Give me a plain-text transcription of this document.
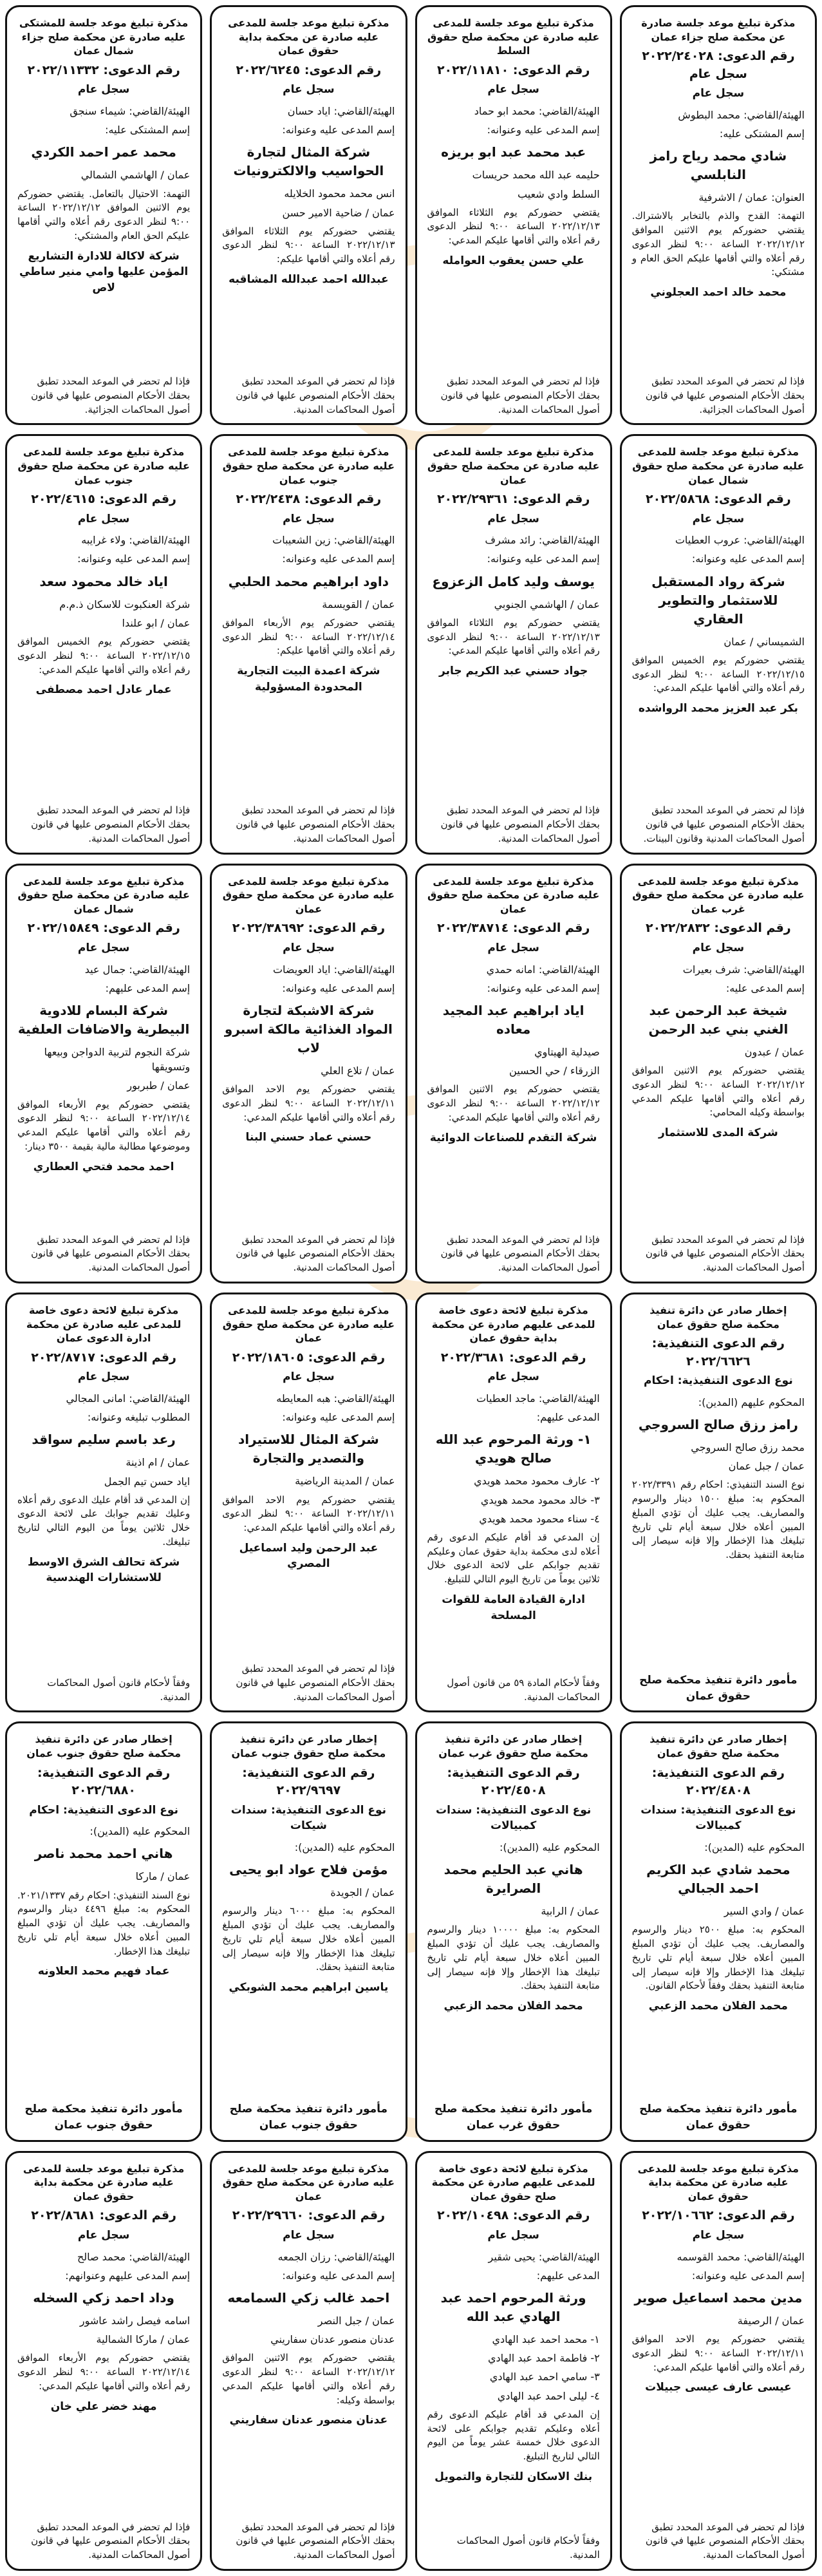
مذكرة تبليغ موعد جلسة صادرة عن محكمة صلح جزاء عمان
رقم الدعوى: ٢٠٢٢/٢٤٠٢٨ سجل عام
سجل عام
الهيئة/القاضي: محمد البطوش
إسم المشتكى عليه:
شادي محمد رياح رامز النابلسي
العنوان: عمان / الاشرفية
التهمة: القدح والذم بالتخابر بالاشتراك. يقتضي حضوركم يوم الاثنين الموافق ٢٠٢٢/١٢/١٢ الساعة ٩:٠٠ لنظر الدعوى رقم أعلاه والتي أقامها عليكم الحق العام و مشتكي:
محمد خالد احمد العجلوني
فإذا لم تحضر في الموعد المحدد تطبق بحقك الأحكام المنصوص عليها في قانون أصول المحاكمات الجزائية.
مذكرة تبليغ موعد جلسة للمدعى عليه صادرة عن محكمة صلح حقوق السلط
رقم الدعوى: ٢٠٢٢/١١٨١٠
سجل عام
الهيئة/القاضي: محمد ابو حماد
إسم المدعى عليه وعنوانه:
عبد محمد عبد ابو بريزه
حليمه عبد الله محمد حريسات
السلط وادي شعيب
يقتضي حضوركم يوم الثلاثاء الموافق ٢٠٢٢/١٢/١٣ الساعة ٩:٠٠ لنظر الدعوى رقم أعلاه والتي أقامها عليكم المدعي:
علي حسن يعقوب العوامله
فإذا لم تحضر في الموعد المحدد تطبق بحقك الأحكام المنصوص عليها في قانون أصول المحاكمات المدنية.
مذكرة تبليغ موعد جلسة للمدعى عليه صادرة عن محكمة بداية حقوق عمان
رقم الدعوى: ٢٠٢٢/٦٢٤٥
سجل عام
الهيئة/القاضي: اياد حسان
إسم المدعى عليه وعنوانه:
شركة المثال لتجارة الحواسيب والالكترونيات
انس محمد محمود الخلايله
عمان / ضاحية الامير حسن
يقتضي حضوركم يوم الثلاثاء الموافق ٢٠٢٢/١٢/١٣ الساعة ٩:٠٠ لنظر الدعوى رقم أعلاه والتي أقامها عليكم:
عبدالله احمد عبدالله المشاقبه
فإذا لم تحضر في الموعد المحدد تطبق بحقك الأحكام المنصوص عليها في قانون أصول المحاكمات المدنية.
مذكرة تبليغ موعد جلسة للمشتكى عليه صادرة عن محكمة صلح جزاء شمال عمان
رقم الدعوى: ٢٠٢٢/١١٣٣٢
سجل عام
الهيئة/القاضي: شيماء سنجق
إسم المشتكى عليه:
محمد عمر احمد الكردي
عمان / الهاشمي الشمالي
التهمة: الاحتيال بالتعامل. يقتضي حضوركم يوم الاثنين الموافق ٢٠٢٢/١٢/١٢ الساعة ٩:٠٠ لنظر الدعوى رقم أعلاه والتي أقامها عليكم الحق العام والمشتكي:
شركة لاكالة للادارة التشاريع المؤمن عليها وامي منير ساطي لاص
فإذا لم تحضر في الموعد المحدد تطبق بحقك الأحكام المنصوص عليها في قانون أصول المحاكمات الجزائية.
مذكرة تبليغ موعد جلسة للمدعى عليه صادرة عن محكمة صلح حقوق شمال عمان
رقم الدعوى: ٢٠٢٢/٥٨٦٨
سجل عام
الهيئة/القاضي: عروب العطيات
إسم المدعى عليه وعنوانه:
شركة رواد المستقبل للاستثمار والتطوير العقاري
الشميساني / عمان
يقتضي حضوركم يوم الخميس الموافق ٢٠٢٢/١٢/١٥ الساعة ٩:٠٠ لنظر الدعوى رقم أعلاه والتي أقامها عليكم المدعي:
بكر عبد العزيز محمد الرواشده
فإذا لم تحضر في الموعد المحدد تطبق بحقك الأحكام المنصوص عليها في قانون أصول المحاكمات المدنية وقانون البينات.
مذكرة تبليغ موعد جلسة للمدعى عليه صادرة عن محكمة صلح حقوق عمان
رقم الدعوى: ٢٠٢٢/٢٩٣٦١
سجل عام
الهيئة/القاضي: رائد مشرف
إسم المدعى عليه وعنوانه:
يوسف وليد كامل الزعزوع
عمان / الهاشمي الجنوبي
يقتضي حضوركم يوم الثلاثاء الموافق ٢٠٢٢/١٢/١٣ الساعة ٩:٠٠ لنظر الدعوى رقم أعلاه والتي أقامها عليكم المدعي:
جواد حسني عبد الكريم جابر
فإذا لم تحضر في الموعد المحدد تطبق بحقك الأحكام المنصوص عليها في قانون أصول المحاكمات المدنية.
مذكرة تبليغ موعد جلسة للمدعى عليه صادرة عن محكمة صلح حقوق جنوب عمان
رقم الدعوى: ٢٠٢٢/٢٤٣٨
سجل عام
الهيئة/القاضي: زين الشعيبات
إسم المدعى عليه وعنوانه:
داود ابراهيم محمد الحلبي
عمان / القويسمة
يقتضي حضوركم يوم الأربعاء الموافق ٢٠٢٢/١٢/١٤ الساعة ٩:٠٠ لنظر الدعوى رقم أعلاه والتي أقامها عليكم:
شركة اعمدة البيت التجارية المحدودة المسؤولية
فإذا لم تحضر في الموعد المحدد تطبق بحقك الأحكام المنصوص عليها في قانون أصول المحاكمات المدنية.
مذكرة تبليغ موعد جلسة للمدعى عليه صادرة عن محكمة صلح حقوق جنوب عمان
رقم الدعوى: ٢٠٢٢/٤٦١٥
سجل عام
الهيئة/القاضي: ولاء غرايبه
إسم المدعى عليه وعنوانه:
اياد خالد محمود سعد
شركة العنكبوت للاسكان ذ.م.م
عمان / ابو علندا
يقتضي حضوركم يوم الخميس الموافق ٢٠٢٢/١٢/١٥ الساعة ٩:٠٠ لنظر الدعوى رقم أعلاه والتي أقامها عليكم المدعي:
عمار عادل احمد مصطفى
فإذا لم تحضر في الموعد المحدد تطبق بحقك الأحكام المنصوص عليها في قانون أصول المحاكمات المدنية.
مذكرة تبليغ موعد جلسة للمدعى عليه صادرة عن محكمة صلح حقوق غرب عمان
رقم الدعوى: ٢٠٢٢/٢٨٣٢
سجل عام
الهيئة/القاضي: شرف بعيرات
إسم المدعى عليه:
شيخة عبد الرحمن عبد الغني بني عبد الرحمن
عمان / عبدون
يقتضي حضوركم يوم الاثنين الموافق ٢٠٢٢/١٢/١٢ الساعة ٩:٠٠ لنظر الدعوى رقم أعلاه والتي أقامها عليكم المدعي بواسطة وكيله المحامي:
شركة المدى للاستثمار
فإذا لم تحضر في الموعد المحدد تطبق بحقك الأحكام المنصوص عليها في قانون أصول المحاكمات المدنية.
مذكرة تبليغ موعد جلسة للمدعى عليه صادرة عن محكمة صلح حقوق عمان
رقم الدعوى: ٢٠٢٢/٣٨٧١٤
سجل عام
الهيئة/القاضي: امانه حمدي
إسم المدعى عليه وعنوانه:
اياد ابراهيم عبد المجيد معاده
صيدلية الهيتاوي
الزرقاء / حي الحسين
يقتضي حضوركم يوم الاثنين الموافق ٢٠٢٢/١٢/١٢ الساعة ٩:٠٠ لنظر الدعوى رقم أعلاه والتي أقامها عليكم المدعي:
شركة التقدم للصناعات الدوائية
فإذا لم تحضر في الموعد المحدد تطبق بحقك الأحكام المنصوص عليها في قانون أصول المحاكمات المدنية.
مذكرة تبليغ موعد جلسة للمدعى عليه صادرة عن محكمة صلح حقوق عمان
رقم الدعوى: ٢٠٢٢/٣٨٦٩٢
سجل عام
الهيئة/القاضي: اياد العويضات
إسم المدعى عليه وعنوانه:
شركة الاشبكة لتجارة المواد الغذائية مالكة اسبرو لاب
عمان / تلاع العلي
يقتضي حضوركم يوم الاحد الموافق ٢٠٢٢/١٢/١١ الساعة ٩:٠٠ لنظر الدعوى رقم أعلاه والتي أقامها عليكم المدعي:
حسني عماد حسني البنا
فإذا لم تحضر في الموعد المحدد تطبق بحقك الأحكام المنصوص عليها في قانون أصول المحاكمات المدنية.
مذكرة تبليغ موعد جلسة للمدعى عليه صادرة عن محكمة صلح حقوق شمال عمان
رقم الدعوى: ٢٠٢٢/١٥٨٤٩
سجل عام
الهيئة/القاضي: جمال عيد
إسم المدعى عليهم:
شركة البسام للادوية البيطرية والاضافات العلفية
شركة النجوم لتربية الدواجن وبيعها وتسويقها
عمان / طبربور
يقتضي حضوركم يوم الأربعاء الموافق ٢٠٢٢/١٢/١٤ الساعة ٩:٠٠ لنظر الدعوى رقم أعلاه والتي أقامها عليكم المدعي وموضوعها مطالبة مالية بقيمة ٣٥٠٠ دينار:
احمد محمد فتحي العطاري
فإذا لم تحضر في الموعد المحدد تطبق بحقك الأحكام المنصوص عليها في قانون أصول المحاكمات المدنية.
إخطار صادر عن دائرة تنفيذ محكمة صلح حقوق عمان
رقم الدعوى التنفيذية: ٢٠٢٢/٦٦٢٦
نوع الدعوى التنفيذية: احكام
المحكوم عليهم (المدين):
رامز رزق صالح السروجي
محمد رزق صالح السروجي
عمان / جبل عمان
نوع السند التنفيذي: احكام رقم ٢٠٢٢/٣٣٩١ المحكوم به: مبلغ ١٥٠٠ دينار والرسوم والمصاريف. يجب عليك أن تؤدي المبلغ المبين أعلاه خلال سبعة أيام تلي تاريخ تبليغك هذا الإخطار وإلا فإنه سيصار إلى متابعة التنفيذ بحقك.
مأمور دائرة تنفيذ محكمة صلح حقوق عمان
مذكرة تبليغ لائحة دعوى خاصة للمدعى عليهم صادرة عن محكمة بداية حقوق عمان
رقم الدعوى: ٢٠٢٢/٣٦٨١
سجل عام
الهيئة/القاضي: ماجد العطيات
المدعى عليهم:
١- ورثة المرحوم عبد الله صالح هويدي
٢- عارف محمود محمد هويدي
٣- خالد محمود محمد هويدي
٤- سناء محمود محمد هويدي
إن المدعي قد أقام عليكم الدعوى رقم أعلاه لدى محكمة بداية حقوق عمان وعليكم تقديم جوابكم على لائحة الدعوى خلال ثلاثين يوماً من تاريخ اليوم التالي للتبليغ.
ادارة القيادة العامة للقوات المسلحة
وفقاً لأحكام المادة ٥٩ من قانون أصول المحاكمات المدنية.
مذكرة تبليغ موعد جلسة للمدعى عليه صادرة عن محكمة صلح حقوق عمان
رقم الدعوى: ٢٠٢٢/١٨٦٠٥
سجل عام
الهيئة/القاضي: هبه المعايطه
إسم المدعى عليه وعنوانه:
شركة المثال للاستيراد والتصدير والتجارة
عمان / المدينة الرياضية
يقتضي حضوركم يوم الاحد الموافق ٢٠٢٢/١٢/١١ الساعة ٩:٠٠ لنظر الدعوى رقم أعلاه والتي أقامها عليكم المدعي:
عبد الرحمن وليد اسماعيل المصري
فإذا لم تحضر في الموعد المحدد تطبق بحقك الأحكام المنصوص عليها في قانون أصول المحاكمات المدنية.
مذكرة تبليغ لائحة دعوى خاصة للمدعى عليه صادرة عن محكمة ادارة الدعوى عمان
رقم الدعوى: ٢٠٢٢/٨٧١٧
سجل عام
الهيئة/القاضي: امانى المجالي
المطلوب تبليغه وعنوانه:
رعد باسم سليم سواقد
عمان / ام اذينة
اياد حسن تيم الجمل
إن المدعي قد أقام عليك الدعوى رقم أعلاه وعليك تقديم جوابك على لائحة الدعوى خلال ثلاثين يوماً من اليوم التالي لتاريخ تبليغك.
شركة تحالف الشرق الاوسط للاستشارات الهندسية
وفقاً لأحكام قانون أصول المحاكمات المدنية.
إخطار صادر عن دائرة تنفيذ محكمة صلح حقوق عمان
رقم الدعوى التنفيذية: ٢٠٢٢/٤٨٠٨
نوع الدعوى التنفيذية: سندات كمبيالات
المحكوم عليه (المدين):
محمد شادي عبد الكريم احمد الجبالي
عمان / وادي السير
المحكوم به: مبلغ ٢٥٠٠ دينار والرسوم والمصاريف. يجب عليك أن تؤدي المبلغ المبين أعلاه خلال سبعة أيام تلي تاريخ تبليغك هذا الإخطار وإلا فإنه سيصار إلى متابعة التنفيذ بحقك وفقاً لأحكام القانون.
محمد الفلان محمد الزعبي
مأمور دائرة تنفيذ محكمة صلح حقوق عمان
إخطار صادر عن دائرة تنفيذ محكمة صلح حقوق غرب عمان
رقم الدعوى التنفيذية: ٢٠٢٢/٤٥٠٨
نوع الدعوى التنفيذية: سندات كمبيالات
المحكوم عليه (المدين):
هاني عبد الحليم محمد الصرايرة
عمان / الرابية
المحكوم به: مبلغ ١٠٠٠٠ دينار والرسوم والمصاريف. يجب عليك أن تؤدي المبلغ المبين أعلاه خلال سبعة أيام تلي تاريخ تبليغك هذا الإخطار وإلا فإنه سيصار إلى متابعة التنفيذ بحقك.
محمد الفلان محمد الزعبي
مأمور دائرة تنفيذ محكمة صلح حقوق غرب عمان
إخطار صادر عن دائرة تنفيذ محكمة صلح حقوق جنوب عمان
رقم الدعوى التنفيذية: ٢٠٢٢/٩٦٩٧
نوع الدعوى التنفيذية: سندات شيكات
المحكوم عليه (المدين):
مؤمن فلاح عواد ابو يحيى
عمان / الجويدة
المحكوم به: مبلغ ٦٠٠٠ دينار والرسوم والمصاريف. يجب عليك أن تؤدي المبلغ المبين أعلاه خلال سبعة أيام تلي تاريخ تبليغك هذا الإخطار وإلا فإنه سيصار إلى متابعة التنفيذ بحقك.
ياسين ابراهيم محمد الشوبكي
مأمور دائرة تنفيذ محكمة صلح حقوق جنوب عمان
إخطار صادر عن دائرة تنفيذ محكمة صلح حقوق جنوب عمان
رقم الدعوى التنفيذية: ٢٠٢٢/٦٨٨٠
نوع الدعوى التنفيذية: احكام
المحكوم عليه (المدين):
هاني احمد محمد ناصر
عمان / ماركا
نوع السند التنفيذي: احكام رقم ٢٠٢١/١٣٣٧. المحكوم به: مبلغ ٤٤٩٦ دينار والرسوم والمصاريف. يجب عليك أن تؤدي المبلغ المبين أعلاه خلال سبعة أيام تلي تاريخ تبليغك هذا الإخطار.
عماد فهيم محمد العلاونه
مأمور دائرة تنفيذ محكمة صلح حقوق جنوب عمان
مذكرة تبليغ موعد جلسة للمدعى عليه صادرة عن محكمة بداية حقوق عمان
رقم الدعوى: ٢٠٢٢/١٠٦٦٢
سجل عام
الهيئة/القاضي: محمد القوسمه
إسم المدعى عليه وعنوانه:
مدين محمد اسماعيل صوير
عمان / الرصيفة
يقتضي حضوركم يوم الاحد الموافق ٢٠٢٢/١٢/١١ الساعة ٩:٠٠ لنظر الدعوى رقم أعلاه والتي أقامها عليكم المدعي:
عيسى عارف عيسى جبيلات
فإذا لم تحضر في الموعد المحدد تطبق بحقك الأحكام المنصوص عليها في قانون أصول المحاكمات المدنية.
مذكرة تبليغ لائحة دعوى خاصة للمدعى عليهم صادرة عن محكمة صلح حقوق عمان
رقم الدعوى: ٢٠٢٢/١٠٤٩٨
سجل عام
الهيئة/القاضي: يحيى شقير
المدعى عليهم:
ورثة المرحوم احمد عبد الهادي عبد الله
١- محمد احمد عبد الهادي
٢- فاطمة احمد عبد الهادي
٣- سامي احمد عبد الهادي
٤- ليلى احمد عبد الهادي
إن المدعي قد أقام عليكم الدعوى رقم أعلاه وعليكم تقديم جوابكم على لائحة الدعوى خلال خمسة عشر يوماً من اليوم التالي لتاريخ التبليغ.
بنك الاسكان للتجارة والتمويل
وفقاً لأحكام قانون أصول المحاكمات المدنية.
مذكرة تبليغ موعد جلسة للمدعى عليه صادرة عن محكمة صلح حقوق عمان
رقم الدعوى: ٢٠٢٢/٢٩٦٦٠
سجل عام
الهيئة/القاضي: رزان الجمعه
إسم المدعى عليه وعنوانه:
احمد غالب زكي السمامعه
عمان / جبل النصر
عدنان منصور عدنان سفاريني
يقتضي حضوركم يوم الاثنين الموافق ٢٠٢٢/١٢/١٢ الساعة ٩:٠٠ لنظر الدعوى رقم أعلاه والتي أقامها عليكم المدعي بواسطة وكيله:
عدنان منصور عدنان سفاريني
فإذا لم تحضر في الموعد المحدد تطبق بحقك الأحكام المنصوص عليها في قانون أصول المحاكمات المدنية.
مذكرة تبليغ موعد جلسة للمدعى عليه صادرة عن محكمة بداية حقوق عمان
رقم الدعوى: ٢٠٢٢/٨٦٨١
سجل عام
الهيئة/القاضي: محمد صالح
إسم المدعى عليهم وعنوانهم:
وداد احمد زكي السخله
اسامه فيصل راشد عاشور
عمان / ماركا الشمالية
يقتضي حضوركم يوم الأربعاء الموافق ٢٠٢٢/١٢/١٤ الساعة ٩:٠٠ لنظر الدعوى رقم أعلاه والتي أقامها عليكم المدعي:
مهند خضر علي خان
فإذا لم تحضر في الموعد المحدد تطبق بحقك الأحكام المنصوص عليها في قانون أصول المحاكمات المدنية.
